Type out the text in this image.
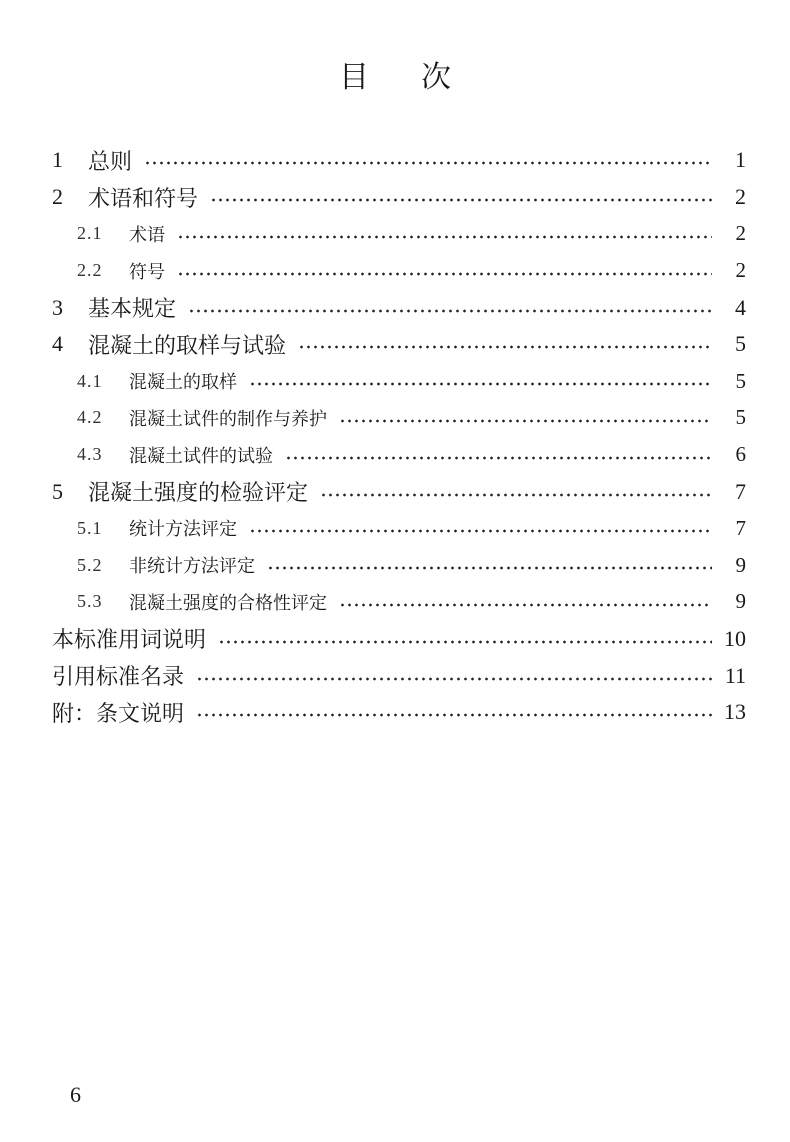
目 次
1	总则	1
2	术语和符号	2
2.1	术语	2
2.2	符号	2
3	基本规定	4
4	混凝土的取样与试验	5
4.1	混凝土的取样	5
4.2	混凝土试件的制作与养护	5
4.3	混凝土试件的试验	6
5	混凝土强度的检验评定	7
5.1	统计方法评定	7
5.2	非统计方法评定	9
5.3	混凝土强度的合格性评定	9
本标准用词说明	10
引用标准名录	11
附：条文说明	13
6
